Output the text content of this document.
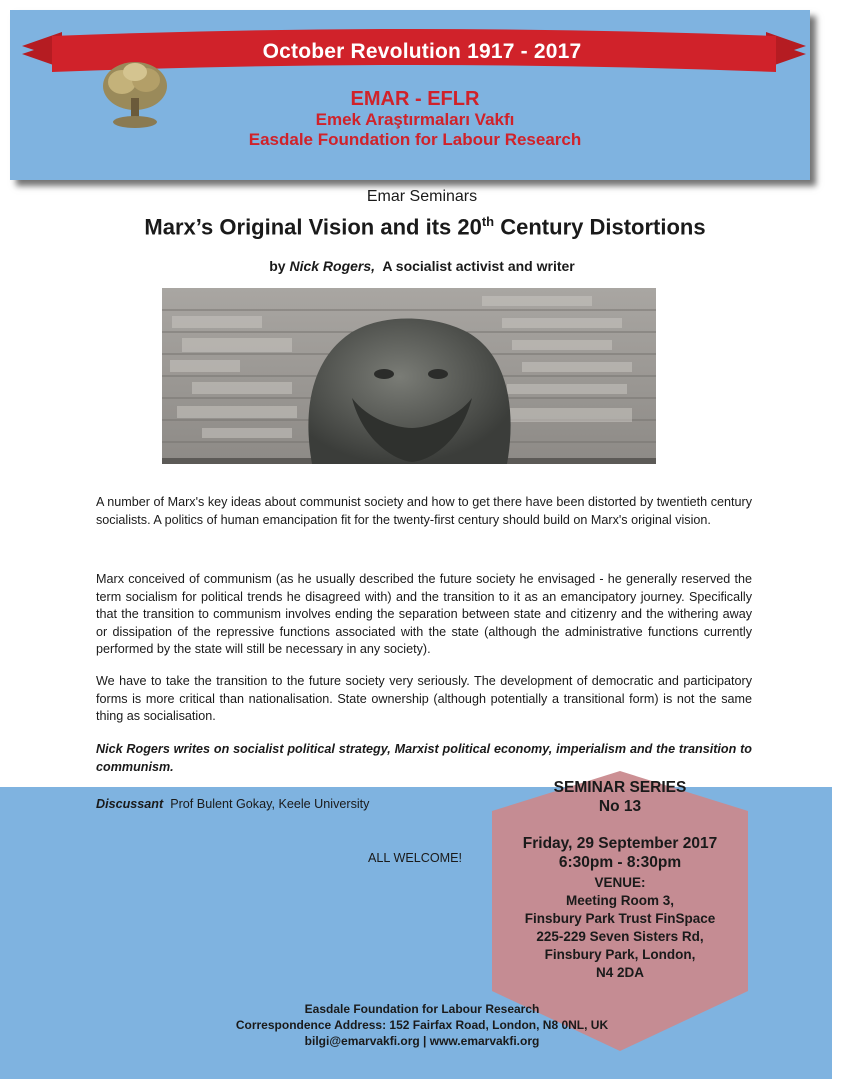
October Revolution 1917 - 2017
EMAR - EFLR
Emek Araştırmaları Vakfı
Easdale Foundation for Labour Research
Emar Seminars
Marx’s Original Vision and its 20th Century Distortions
by Nick Rogers, A socialist activist and writer
A number of Marx's key ideas about communist society and how to get there have been distorted by twentieth century socialists. A politics of human emancipation fit for the twenty-first century should build on Marx's original vision.
Marx conceived of communism (as he usually described the future society he envisaged - he generally reserved the term socialism for political trends he disagreed with) and the transition to it as an emancipatory journey. Specifically that the transition to communism involves ending the separation between state and citizenry and the withering away or dissipation of the repressive functions associated with the state (although the administrative functions currently performed by the state will still be necessary in any society).
We have to take the transition to the future society very seriously. The development of democratic and participatory forms is more critical than nationalisation. State ownership (although potentially a transitional form) is not the same thing as socialisation.
Nick Rogers writes on socialist political strategy, Marxist political economy, imperialism and the transition to communism.
Discussant Prof Bulent Gokay, Keele University
ALL WELCOME!
SEMINAR SERIES
No 13
Friday, 29 September 2017
6:30pm - 8:30pm
VENUE:
Meeting Room 3,
Finsbury Park Trust FinSpace
225-229 Seven Sisters Rd,
Finsbury Park, London,
N4 2DA
Easdale Foundation for Labour Research
Correspondence Address: 152 Fairfax Road, London, N8 0NL, UK
bilgi@emarvakfi.org | www.emarvakfi.org
